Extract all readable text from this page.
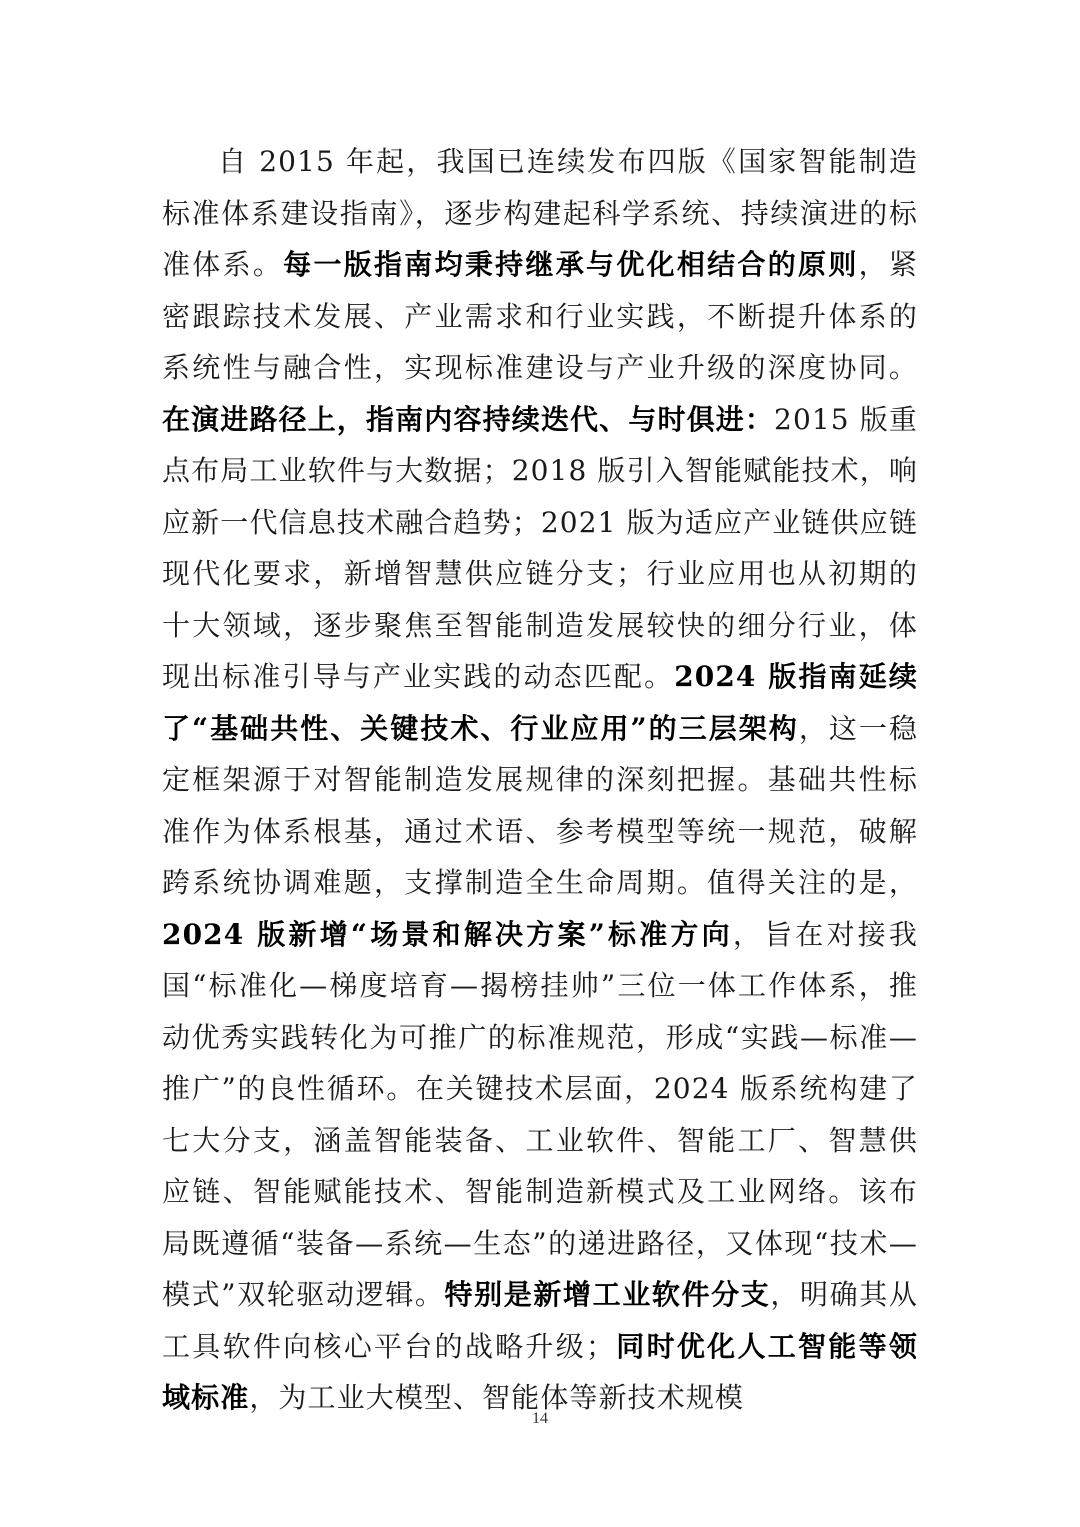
自 2015 年起，我国已连续发布四版《国家智能制造标准体系建设指南》，逐步构建起科学系统、持续演进的标准体系。每一版指南均秉持继承与优化相结合的原则，紧密跟踪技术发展、产业需求和行业实践，不断提升体系的系统性与融合性，实现标准建设与产业升级的深度协同。在演进路径上，指南内容持续迭代、与时俱进：2015 版重点布局工业软件与大数据；2018 版引入智能赋能技术，响应新一代信息技术融合趋势；2021 版为适应产业链供应链现代化要求，新增智慧供应链分支；行业应用也从初期的十大领域，逐步聚焦至智能制造发展较快的细分行业，体现出标准引导与产业实践的动态匹配。2024 版指南延续了“基础共性、关键技术、行业应用”的三层架构，这一稳定框架源于对智能制造发展规律的深刻把握。基础共性标准作为体系根基，通过术语、参考模型等统一规范，破解跨系统协调难题，支撑制造全生命周期。值得关注的是，2024 版新增“场景和解决方案”标准方向，旨在对接我国“标准化—梯度培育—揭榜挂帅”三位一体工作体系，推动优秀实践转化为可推广的标准规范，形成“实践—标准—推广”的良性循环。在关键技术层面，2024 版系统构建了七大分支，涵盖智能装备、工业软件、智能工厂、智慧供应链、智能赋能技术、智能制造新模式及工业网络。该布局既遵循“装备—系统—生态”的递进路径，又体现“技术—模式”双轮驱动逻辑。特别是新增工业软件分支，明确其从工具软件向核心平台的战略升级；同时优化人工智能等领域标准，为工业大模型、智能体等新技术规模

14
